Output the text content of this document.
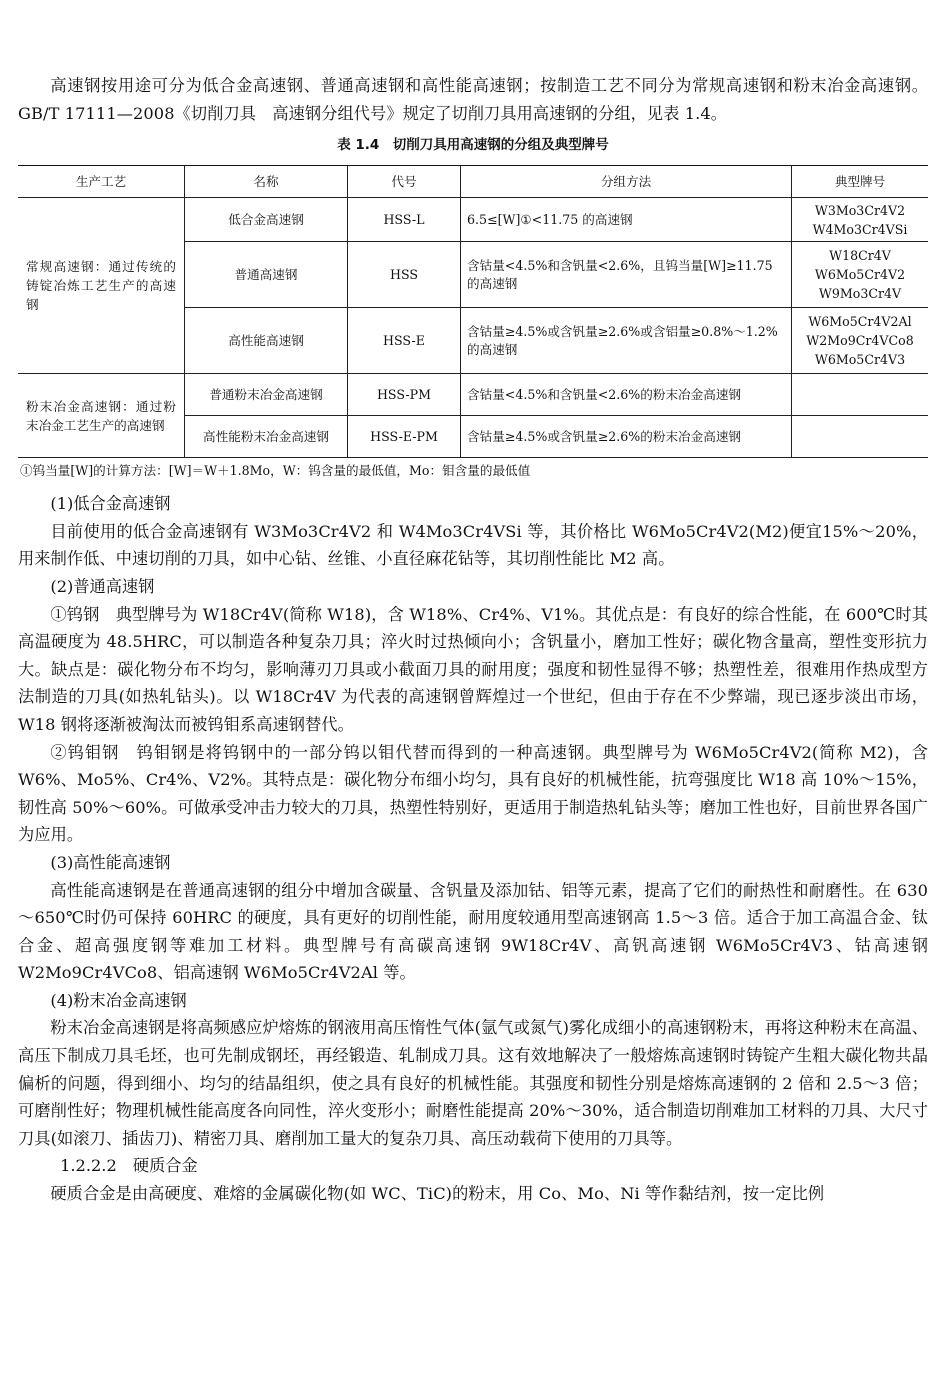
高速钢按用途可分为低合金高速钢、普通高速钢和高性能高速钢；按制造工艺不同分为常规高速钢和粉末冶金高速钢。GB/T 17111—2008《切削刀具　高速钢分组代号》规定了切削刀具用高速钢的分组，见表 1.4。

表 1.4　切削刀具用高速钢的分组及典型牌号
生产工艺	名称	代号	分组方法	典型牌号
常规高速钢：通过传统的铸锭冶炼工艺生产的高速钢	低合金高速钢	HSS-L	6.5≤[W]①<11.75 的高速钢	W3Mo3Cr4V2
W4Mo3Cr4VSi

	普通高速钢	HSS	含钴量<4.5%和含钒量<2.6%，且钨当量[W]≥11.75 的高速钢	W18Cr4V
W6Mo5Cr4V2
W9Mo3Cr4V

	高性能高速钢	HSS-E	含钴量≥4.5%或含钒量≥2.6%或含铝量≥0.8%～1.2%的高速钢	W6Mo5Cr4V2Al
W2Mo9Cr4VCo8
W6Mo5Cr4V3

粉末冶金高速钢：通过粉末冶金工艺生产的高速钢	普通粉末冶金高速钢	HSS-PM	含钴量<4.5%和含钒量<2.6%的粉末冶金高速钢	
	高性能粉末冶金高速钢	HSS-E-PM	含钴量≥4.5%或含钒量≥2.6%的粉末冶金高速钢	
①钨当量[W]的计算方法：[W]＝W＋1.8Mo，W：钨含量的最低值，Mo：钼含量的最低值				

(1)低合金高速钢

目前使用的低合金高速钢有 W3Mo3Cr4V2 和 W4Mo3Cr4VSi 等，其价格比 W6Mo5Cr4V2(M2)便宜15%～20%，用来制作低、中速切削的刀具，如中心钻、丝锥、小直径麻花钻等，其切削性能比 M2 高。

(2)普通高速钢

①钨钢　典型牌号为 W18Cr4V(简称 W18)，含 W18%、Cr4%、V1%。其优点是：有良好的综合性能，在 600℃时其高温硬度为 48.5HRC，可以制造各种复杂刀具；淬火时过热倾向小；含钒量小，磨加工性好；碳化物含量高，塑性变形抗力大。缺点是：碳化物分布不均匀，影响薄刃刀具或小截面刀具的耐用度；强度和韧性显得不够；热塑性差，很难用作热成型方法制造的刀具(如热轧钻头)。以 W18Cr4V 为代表的高速钢曾辉煌过一个世纪，但由于存在不少弊端，现已逐步淡出市场，W18 钢将逐渐被淘汰而被钨钼系高速钢替代。

②钨钼钢　钨钼钢是将钨钢中的一部分钨以钼代替而得到的一种高速钢。典型牌号为 W6Mo5Cr4V2(简称 M2)，含 W6%、Mo5%、Cr4%、V2%。其特点是：碳化物分布细小均匀，具有良好的机械性能，抗弯强度比 W18 高 10%～15%，韧性高 50%～60%。可做承受冲击力较大的刀具，热塑性特别好，更适用于制造热轧钻头等；磨加工性也好，目前世界各国广为应用。

(3)高性能高速钢

高性能高速钢是在普通高速钢的组分中增加含碳量、含钒量及添加钴、铝等元素，提高了它们的耐热性和耐磨性。在 630～650℃时仍可保持 60HRC 的硬度，具有更好的切削性能，耐用度较通用型高速钢高 1.5～3 倍。适合于加工高温合金、钛合金、超高强度钢等难加工材料。典型牌号有高碳高速钢 9W18Cr4V、高钒高速钢 W6Mo5Cr4V3、钴高速钢 W2Mo9Cr4VCo8、铝高速钢 W6Mo5Cr4V2Al 等。

(4)粉末冶金高速钢

粉末冶金高速钢是将高频感应炉熔炼的钢液用高压惰性气体(氩气或氮气)雾化成细小的高速钢粉末，再将这种粉末在高温、高压下制成刀具毛坯，也可先制成钢坯，再经锻造、轧制成刀具。这有效地解决了一般熔炼高速钢时铸锭产生粗大碳化物共晶偏析的问题，得到细小、均匀的结晶组织，使之具有良好的机械性能。其强度和韧性分别是熔炼高速钢的 2 倍和 2.5～3 倍；可磨削性好；物理机械性能高度各向同性，淬火变形小；耐磨性能提高 20%～30%，适合制造切削难加工材料的刀具、大尺寸刀具(如滚刀、插齿刀)、精密刀具、磨削加工量大的复杂刀具、高压动载荷下使用的刀具等。

1.2.2.2　硬质合金

硬质合金是由高硬度、难熔的金属碳化物(如 WC、TiC)的粉末，用 Co、Mo、Ni 等作黏结剂，按一定比例
